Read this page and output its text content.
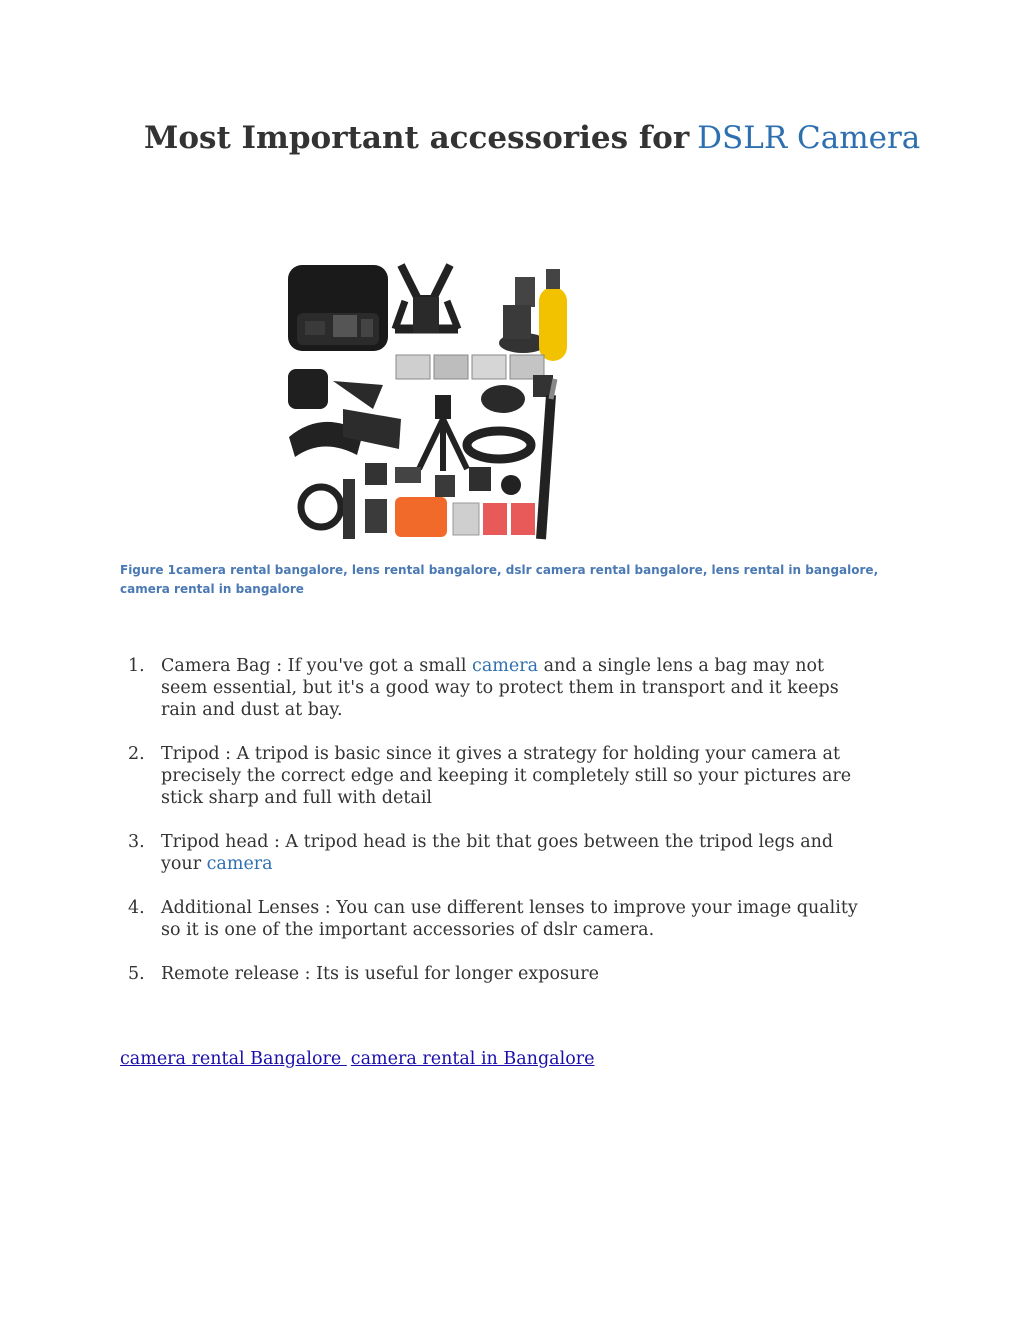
Most Important accessories for DSLR Camera

Figure 1camera rental bangalore, lens rental bangalore, dslr camera rental bangalore, lens rental in bangalore, camera rental in bangalore

1. Camera Bag : If you've got a small camera and a single lens a bag may not seem essential, but it's a good way to protect them in transport and it keeps rain and dust at bay.
2. Tripod : A tripod is basic since it gives a strategy for holding your camera at precisely the correct edge and keeping it completely still so your pictures are stick sharp and full with detail
3. Tripod head : A tripod head is the bit that goes between the tripod legs and your camera
4. Additional Lenses : You can use different lenses to improve your image quality so it is one of the important accessories of dslr camera.
5. Remote release : Its is useful for longer exposure
camera rental Bangalore camera rental in Bangalore
